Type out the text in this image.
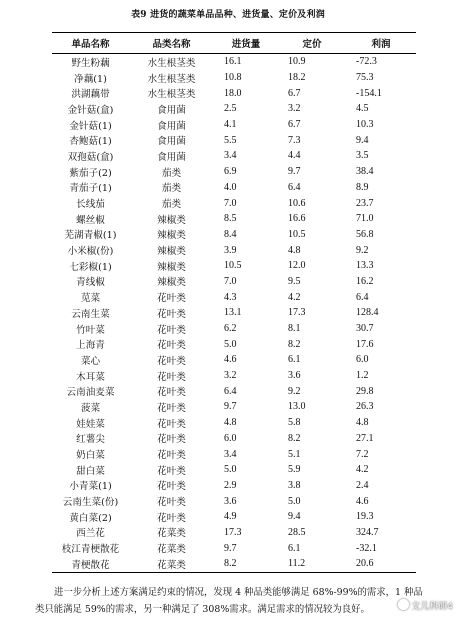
表9 进货的蔬菜单品品种、进货量、定价及利润
单品名称	品类名称	进货量	定价	利润
野生粉藕	水生根茎类	16.1	10.9	-72.3
净藕(1)	水生根茎类	10.8	18.2	75.3
洪湖藕带	水生根茎类	18.0	6.7	-154.1
金针菇(盒)	食用菌	2.5	3.2	4.5
金针菇(1)	食用菌	4.1	6.7	10.3
杏鲍菇(1)	食用菌	5.5	7.3	9.4
双孢菇(盒)	食用菌	3.4	4.4	3.5
紫茄子(2)	茄类	6.9	9.7	38.4
青茄子(1)	茄类	4.0	6.4	8.9
长线茄	茄类	7.0	10.6	23.7
螺丝椒	辣椒类	8.5	16.6	71.0
芜湖青椒(1)	辣椒类	8.4	10.5	56.8
小米椒(份)	辣椒类	3.9	4.8	9.2
七彩椒(1)	辣椒类	10.5	12.0	13.3
青线椒	辣椒类	7.0	9.5	16.2
苋菜	花叶类	4.3	4.2	6.4
云南生菜	花叶类	13.1	17.3	128.4
竹叶菜	花叶类	6.2	8.1	30.7
上海青	花叶类	5.0	8.2	17.6
菜心	花叶类	4.6	6.1	6.0
木耳菜	花叶类	3.2	3.6	1.2
云南油麦菜	花叶类	6.4	9.2	29.8
菠菜	花叶类	9.7	13.0	26.3
娃娃菜	花叶类	4.8	5.8	4.8
红薯尖	花叶类	6.0	8.2	27.1
奶白菜	花叶类	3.4	5.1	7.2
甜白菜	花叶类	5.0	5.9	4.2
小青菜(1)	花叶类	2.9	3.8	2.4
云南生菜(份)	花叶类	3.6	5.0	4.6
黄白菜(2)	花叶类	4.9	9.4	19.3
西兰花	花菜类	17.3	28.5	324.7
枝江青梗散花	花菜类	9.7	6.1	-32.1
青梗散花	花菜类	8.2	11.2	20.6

进一步分析上述方案满足约束的情况，发现 4 种品类能够满足 68%-99%的需求，1 种品类只能满足 59%的需求，另一种满足了 308%需求。满足需求的情况较为良好。	文儿科研4
